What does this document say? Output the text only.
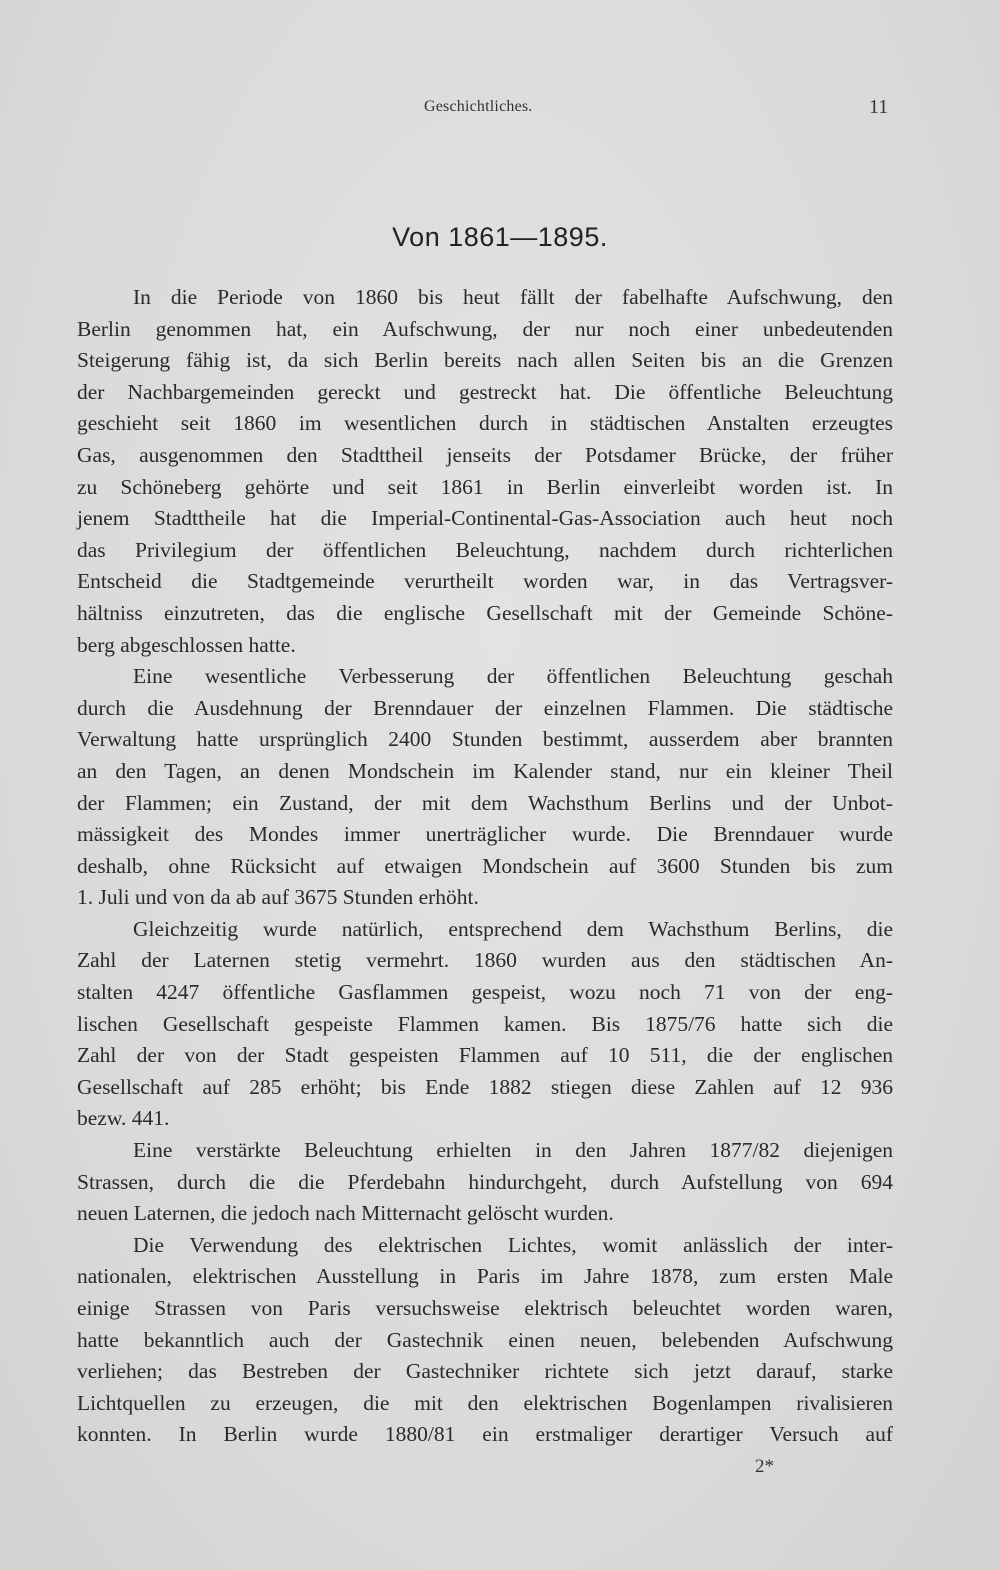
Geschichtliches.	11
Von 1861—1895.
In die Periode von 1860 bis heut fällt der fabelhafte Aufschwung, den
Berlin genommen hat, ein Aufschwung, der nur noch einer unbedeutenden
Steigerung fähig ist, da sich Berlin bereits nach allen Seiten bis an die Grenzen
der Nachbargemeinden gereckt und gestreckt hat. Die öffentliche Beleuchtung
geschieht seit 1860 im wesentlichen durch in städtischen Anstalten erzeugtes
Gas, ausgenommen den Stadttheil jenseits der Potsdamer Brücke, der früher
zu Schöneberg gehörte und seit 1861 in Berlin einverleibt worden ist. In
jenem Stadttheile hat die Imperial-Continental-Gas-Association auch heut noch
das Privilegium der öffentlichen Beleuchtung, nachdem durch richterlichen
Entscheid die Stadtgemeinde verurtheilt worden war, in das Vertragsver-
hältniss einzutreten, das die englische Gesellschaft mit der Gemeinde Schöne-
berg abgeschlossen hatte.
Eine wesentliche Verbesserung der öffentlichen Beleuchtung geschah
durch die Ausdehnung der Brenndauer der einzelnen Flammen. Die städtische
Verwaltung hatte ursprünglich 2400 Stunden bestimmt, ausserdem aber brannten
an den Tagen, an denen Mondschein im Kalender stand, nur ein kleiner Theil
der Flammen; ein Zustand, der mit dem Wachsthum Berlins und der Unbot-
mässigkeit des Mondes immer unerträglicher wurde. Die Brenndauer wurde
deshalb, ohne Rücksicht auf etwaigen Mondschein auf 3600 Stunden bis zum
1. Juli und von da ab auf 3675 Stunden erhöht.
Gleichzeitig wurde natürlich, entsprechend dem Wachsthum Berlins, die
Zahl der Laternen stetig vermehrt. 1860 wurden aus den städtischen An-
stalten 4247 öffentliche Gasflammen gespeist, wozu noch 71 von der eng-
lischen Gesellschaft gespeiste Flammen kamen. Bis 1875/76 hatte sich die
Zahl der von der Stadt gespeisten Flammen auf 10 511, die der englischen
Gesellschaft auf 285 erhöht; bis Ende 1882 stiegen diese Zahlen auf 12 936
bezw. 441.
Eine verstärkte Beleuchtung erhielten in den Jahren 1877/82 diejenigen
Strassen, durch die die Pferdebahn hindurchgeht, durch Aufstellung von 694
neuen Laternen, die jedoch nach Mitternacht gelöscht wurden.
Die Verwendung des elektrischen Lichtes, womit anlässlich der inter-
nationalen, elektrischen Ausstellung in Paris im Jahre 1878, zum ersten Male
einige Strassen von Paris versuchsweise elektrisch beleuchtet worden waren,
hatte bekanntlich auch der Gastechnik einen neuen, belebenden Aufschwung
verliehen; das Bestreben der Gastechniker richtete sich jetzt darauf, starke
Lichtquellen zu erzeugen, die mit den elektrischen Bogenlampen rivalisieren
konnten. In Berlin wurde 1880/81 ein erstmaliger derartiger Versuch auf
2*
